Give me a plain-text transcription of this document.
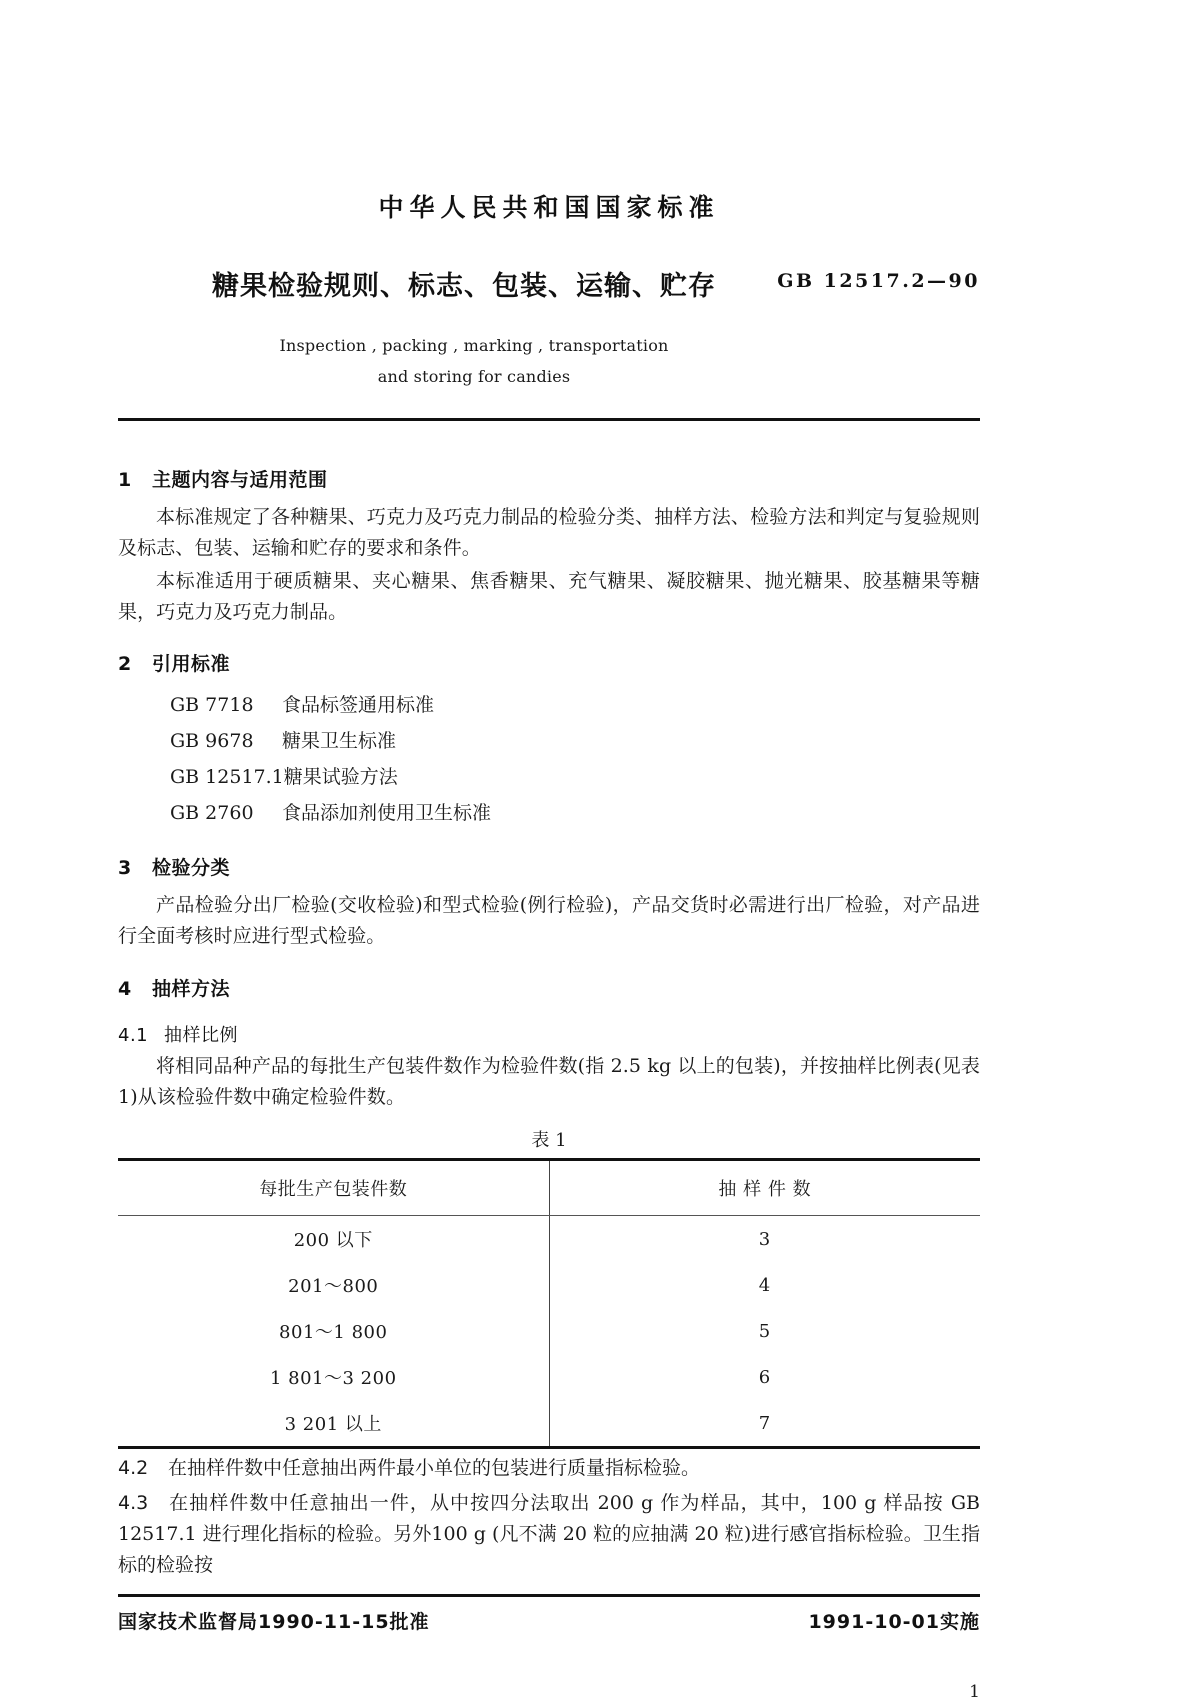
中华人民共和国国家标准
糖果检验规则、标志、包装、运输、贮存	GB 12517.2—90
Inspection , packing , marking , transportation
and storing for candies
1 主题内容与适用范围

本标准规定了各种糖果、巧克力及巧克力制品的检验分类、抽样方法、检验方法和判定与复验规则及标志、包装、运输和贮存的要求和条件。

本标准适用于硬质糖果、夹心糖果、焦香糖果、充气糖果、凝胶糖果、抛光糖果、胶基糖果等糖果，巧克力及巧克力制品。

2 引用标准
GB 7718 食品标签通用标准
GB 9678 糖果卫生标准
GB 12517.1糖果试验方法
GB 2760 食品添加剂使用卫生标准
3 检验分类

产品检验分出厂检验(交收检验)和型式检验(例行检验)，产品交货时必需进行出厂检验，对产品进行全面考核时应进行型式检验。

4 抽样方法
4.1 抽样比例

将相同品种产品的每批生产包装件数作为检验件数(指 2.5 kg 以上的包装)，并按抽样比例表(见表 1)从该检验件数中确定检验件数。

表 1
每批生产包装件数	抽 样 件 数
200 以下	3
201～800	4
801～1 800	5
1 801～3 200	6
3 201 以上	7

4.2 在抽样件数中任意抽出两件最小单位的包装进行质量指标检验。

4.3 在抽样件数中任意抽出一件，从中按四分法取出 200 g 作为样品，其中，100 g 样品按 GB 12517.1 进行理化指标的检验。另外100 g (凡不满 20 粒的应抽满 20 粒)进行感官指标检验。卫生指标的检验按

国家技术监督局1990-11-15批准	1991-10-01实施
1
